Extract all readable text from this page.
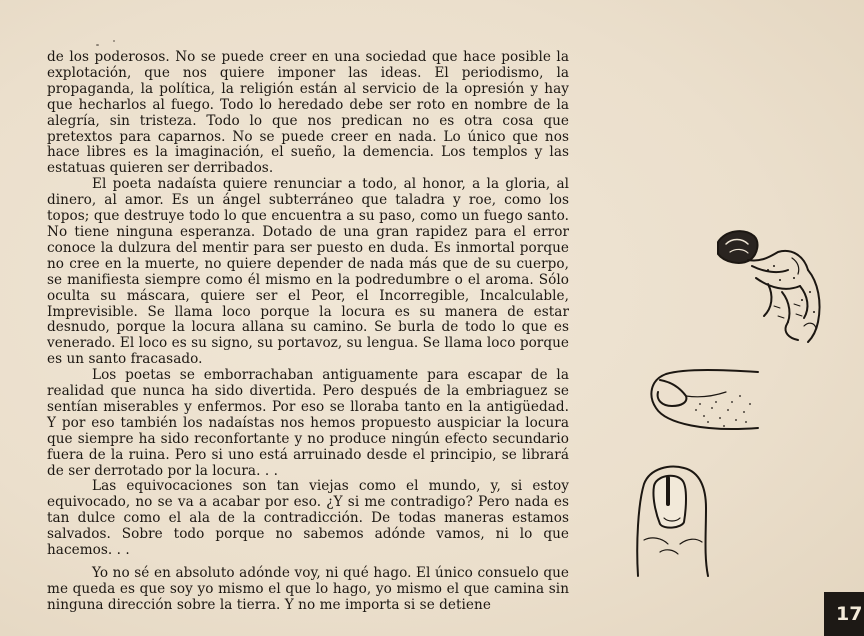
de los poderosos. No se puede creer en una sociedad que hace posible la explotación, que nos quiere imponer las ideas. El periodismo, la propaganda, la política, la religión están al servicio de la opresión y hay que hecharlos al fuego. Todo lo heredado debe ser roto en nombre de la alegría, sin tristeza. Todo lo que nos predican no es otra cosa que pretextos para caparnos. No se puede creer en nada. Lo único que nos hace libres es la imaginación, el sueño, la demencia. Los templos y las estatuas quieren ser derribados.

El poeta nadaísta quiere renunciar a todo, al honor, a la gloria, al dinero, al amor. Es un ángel subterráneo que taladra y roe, como los topos; que destruye todo lo que encuentra a su paso, como un fuego santo. No tiene ninguna esperanza. Dotado de una gran rapidez para el error conoce la dulzura del mentir para ser puesto en duda. Es inmortal porque no cree en la muerte, no quiere depender de nada más que de su cuerpo, se manifiesta siempre como él mismo en la podredumbre o el aroma. Sólo oculta su máscara, quiere ser el Peor, el Incorregible, Incalculable, Imprevisible. Se llama loco porque la locura es su manera de estar desnudo, porque la locura allana su camino. Se burla de todo lo que es venerado. El loco es su signo, su portavoz, su lengua. Se llama loco porque es un santo fracasado.

Los poetas se emborrachaban antiguamente para escapar de la realidad que nunca ha sido divertida. Pero después de la embriaguez se sentían miserables y enfermos. Por eso se lloraba tanto en la antigüedad. Y por eso también los nadaístas nos hemos propuesto auspiciar la locura que siempre ha sido reconfortante y no produce ningún efecto secundario fuera de la ruina. Pero si uno está arruinado desde el principio, se librará de ser derrotado por la locura. . .

Las equivocaciones son tan viejas como el mundo, y, si estoy equivocado, no se va a acabar por eso. ¿Y si me contradigo? Pero nada es tan dulce como el ala de la contradicción. De todas maneras estamos salvados. Sobre todo porque no sabemos adónde vamos, ni lo que hacemos. . .

Yo no sé en absoluto adónde voy, ni qué hago. El único consuelo que me queda es que soy yo mismo el que lo hago, yo mismo el que camina sin ninguna dirección sobre la tierra. Y no me importa si se detiene	17
